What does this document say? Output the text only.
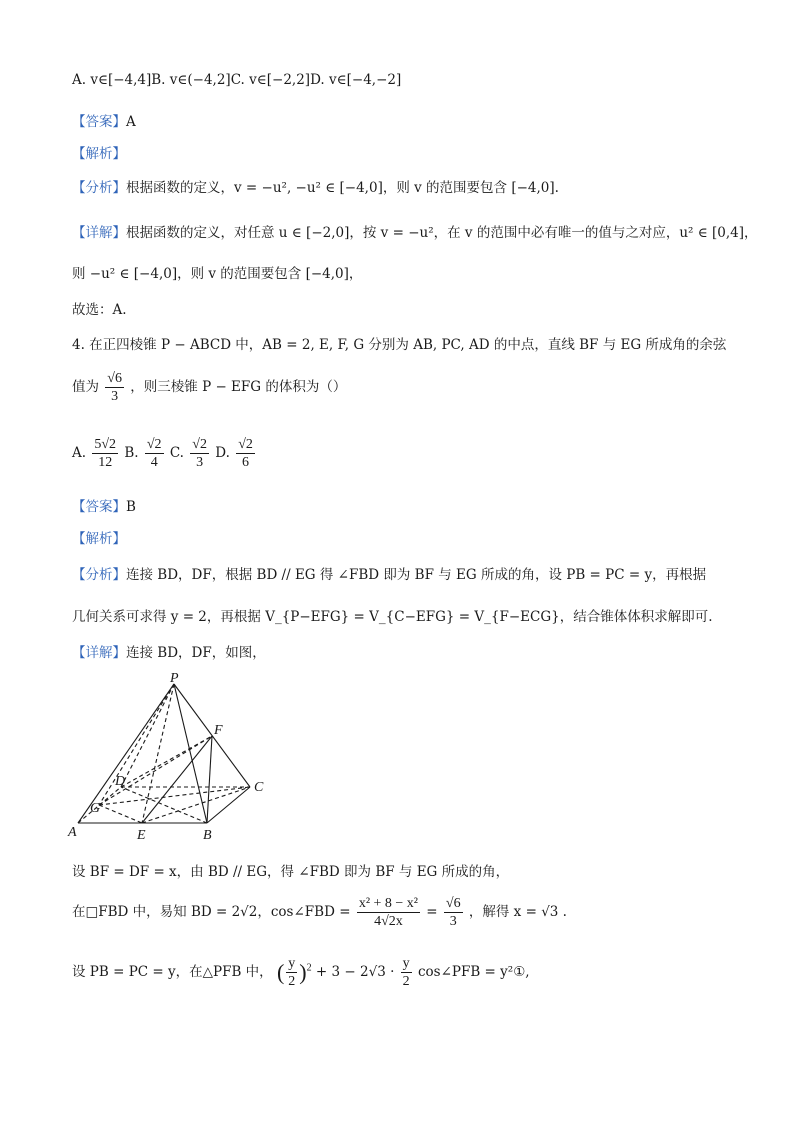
A. v∈[−4,4]B. v∈(−4,2]C. v∈[−2,2]D. v∈[−4,−2]
【答案】A
【解析】
【分析】根据函数的定义，v = −u², −u² ∈ [−4,0]，则 v 的范围要包含 [−4,0].
【详解】根据函数的定义，对任意 u ∈ [−2,0]，按 v = −u²，在 v 的范围中必有唯一的值与之对应，u² ∈ [0,4]，
则 −u² ∈ [−4,0]，则 v 的范围要包含 [−4,0]，
故选：A.
4. 在正四棱锥 P − ABCD 中，AB = 2, E, F, G 分别为 AB, PC, AD 的中点，直线 BF 与 EG 所成角的余弦
值为 $\frac{√6}{3}$ ，则三棱锥 P − EFG 的体积为（）
A. $\frac{5√2}{12} B$. $\frac{√2}{4} C$. $\frac{√2}{3} D$. $\frac{√2}{6}$
【答案】B
【解析】
【分析】连接 BD，DF，根据 BD // EG 得 ∠FBD 即为 BF 与 EG 所成的角，设 PB = PC = y，再根据
几何关系可求得 y = 2，再根据 V_{P−EFG} = V_{C−EFG} = V_{F−ECG}，结合锥体体积求解即可.
【详解】连接 BD，DF，如图，
P
F
D	C
G
A	E	B
设 BF = DF = x，由 BD // EG，得 ∠FBD 即为 BF 与 EG 所成的角，
在□FBD 中，易知 BD = 2√2，cos∠FBD = $\frac{\text{x² + 8 − x²}}{4√2x} = \frac{√6}{3}$ ，解得 x = √3 .
设 PB = PC = y，在△PFB 中， ( $\frac{y}{2} )^2 + 3 - 2√3 \cdot \frac{y}{2}$ cos∠PFB = y²①,
